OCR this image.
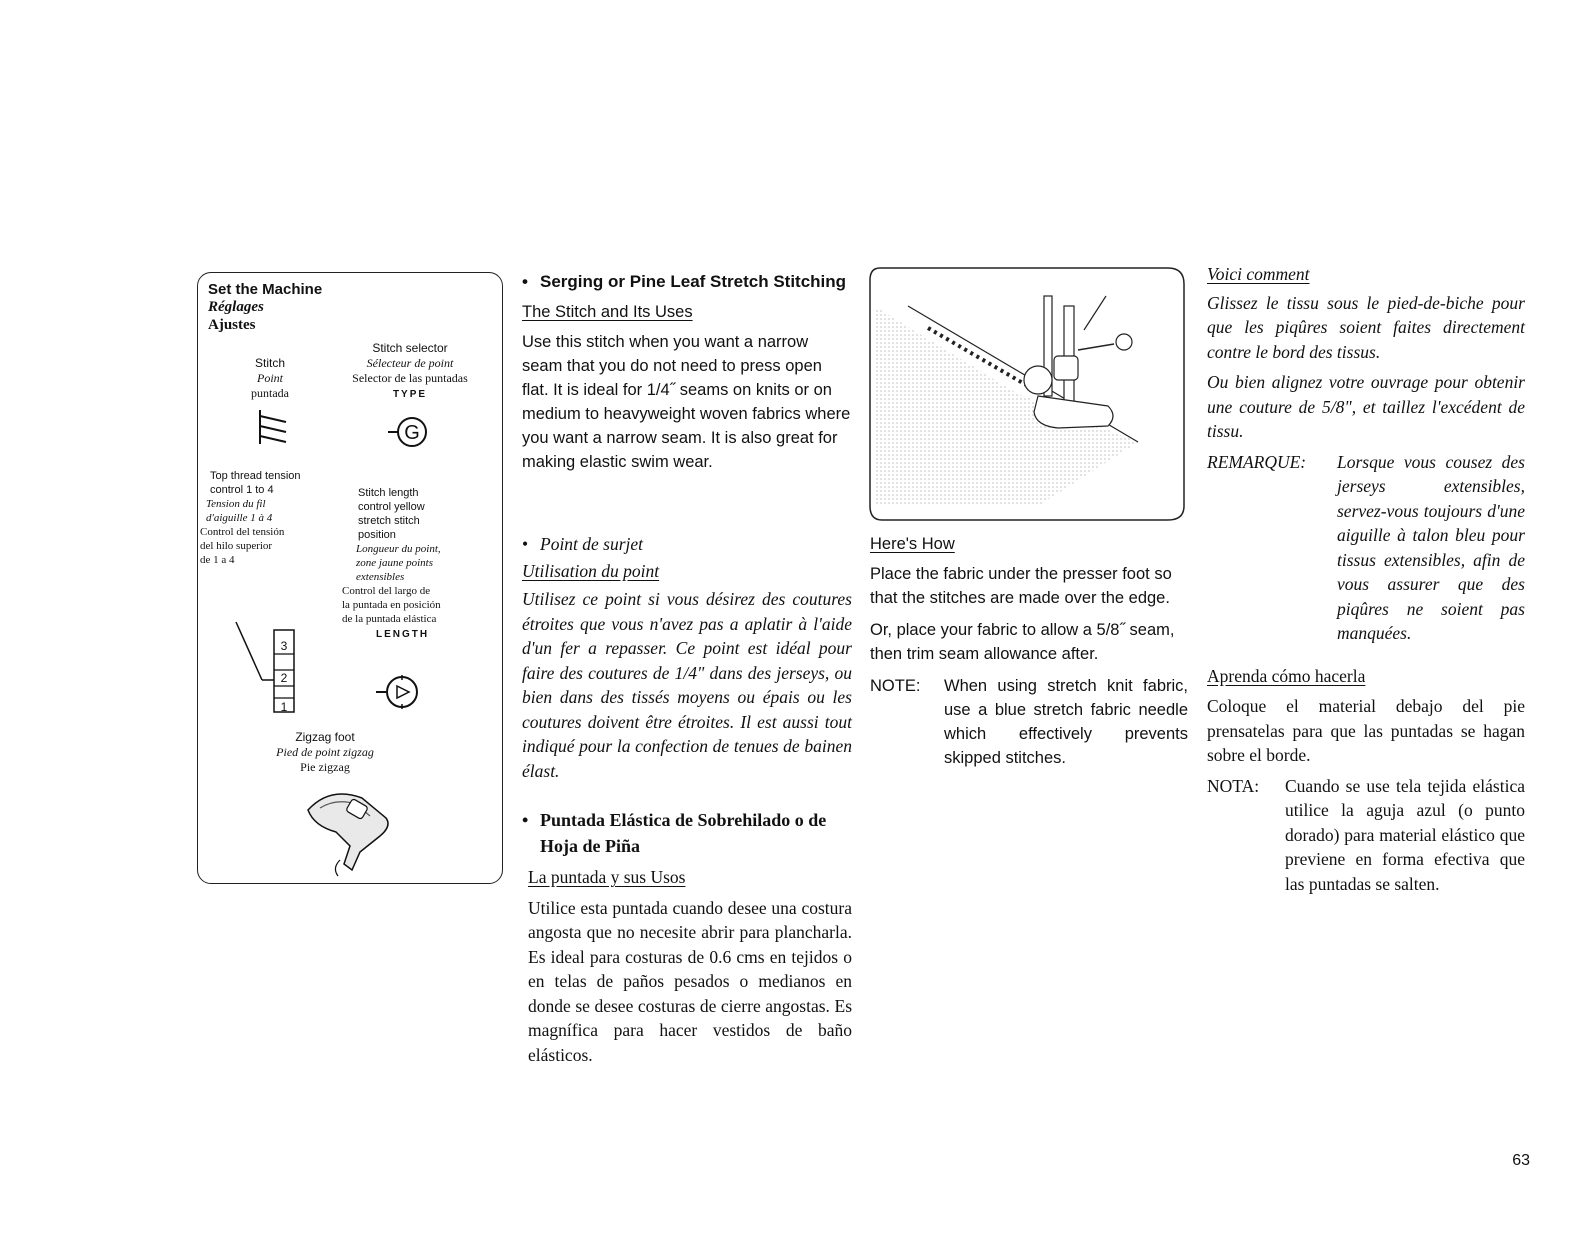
Set the Machine
Réglages
Ajustes
Stitch
Point
puntada
Stitch selector
Sélecteur de point
Selector de las puntadas
TYPE
G
Top thread tension
control 1 to 4
Tension du fil
d'aiguille 1 à 4
Control del tensión
del hilo superior
de 1 a 4
Stitch length
control yellow
stretch stitch
position
Longueur du point,
zone jaune points
extensibles
Control del largo de
la puntada en posición
de la puntada elástica
LENGTH
3
2
1
Zigzag foot
Pied de point zigzag
Pie zigzag
• Serging or Pine Leaf Stretch Stitching
The Stitch and Its Uses

Use this stitch when you want a narrow seam that you do not need to press open flat. It is ideal for 1/4˝ seams on knits or on medium to heavyweight woven fabrics where you want a narrow seam. It is also great for making elastic swim wear.

• Point de surjet
Utilisation du point

Utilisez ce point si vous désirez des coutures étroites que vous n'avez pas a aplatir à l'aide d'un fer a repasser. Ce point est idéal pour faire des coutures de 1/4" dans des jerseys, ou bien dans des tissés moyens ou épais ou les coutures doivent être étroites. Il est aussi tout indiqué pour la confection de tenues de bainen élast.

• Puntada Elástica de Sobrehilado o de Hoja de Piña
La puntada y sus Usos

Utilice esta puntada cuando desee una costura angosta que no necesite abrir para plancharla. Es ideal para costuras de 0.6 cms en tejidos o en telas de paños pesados o medianos en donde se desee costuras de cierre angostas. Es magnífica para hacer vestidos de baño elásticos.

Here's How

Place the fabric under the presser foot so that the stitches are made over the edge.

Or, place your fabric to allow a 5/8˝ seam, then trim seam allowance after.

NOTE:	When using stretch knit fabric, use a blue stretch fabric needle which effectively prevents skipped stitches.

Voici comment

Glissez le tissu sous le pied-de-biche pour que les piqûres soient faites directement contre le bord des tissus.

Ou bien alignez votre ouvrage pour obtenir une couture de 5/8", et taillez l'excédent de tissu.

REMARQUE:	Lorsque vous cousez des jerseys extensibles, servez-vous toujours d'une aiguille à talon bleu pour tissus extensibles, afin de vous assurer que des piqûres ne soient pas manquées.

Aprenda cómo hacerla

Coloque el material debajo del pie prensatelas para que las puntadas se hagan sobre el borde.

NOTA:	Cuando se use tela tejida elástica utilice la aguja azul (o punto dorado) para material elástico que previene en forma efectiva que las puntadas se salten.

63
